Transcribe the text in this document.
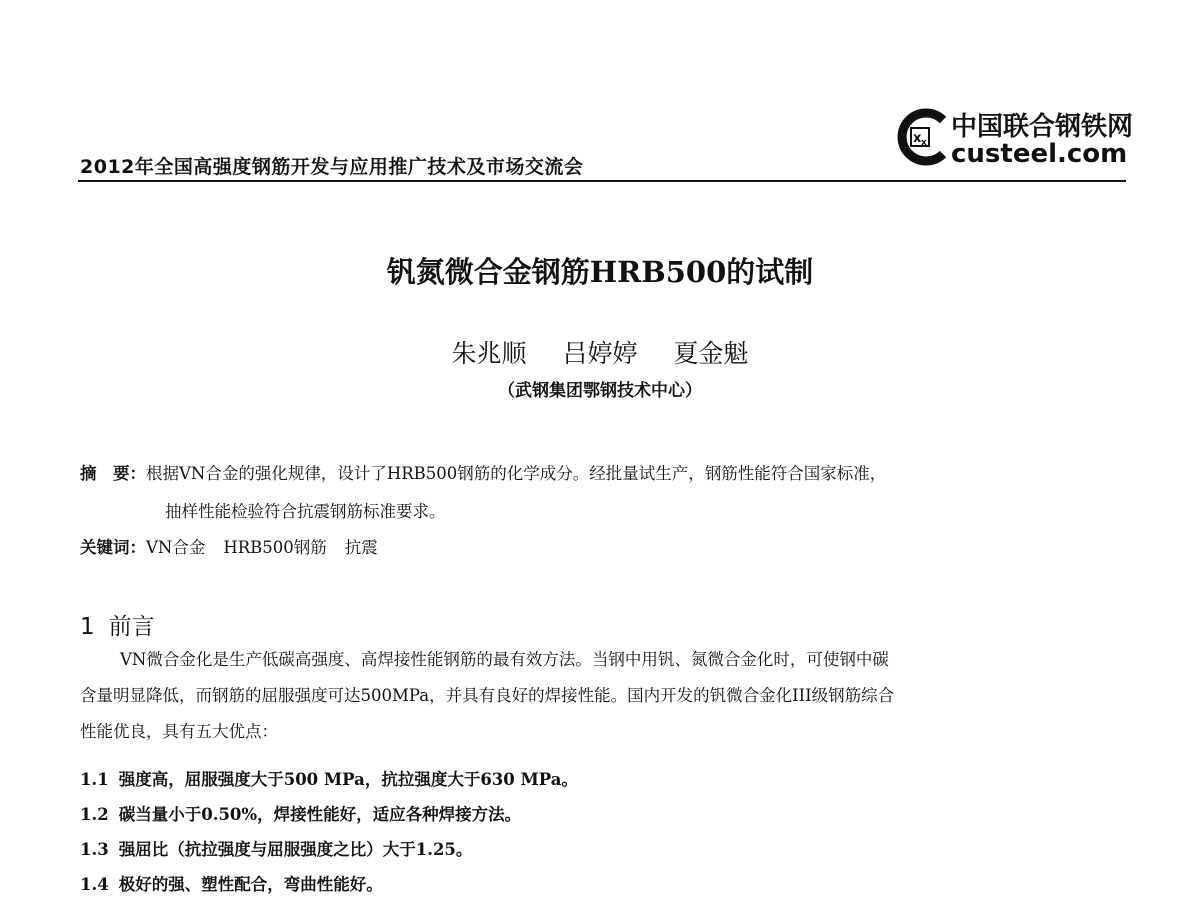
2012年全国高强度钢筋开发与应用推广技术及市场交流会
x x
中国联合钢铁网
custeel.com
钒氮微合金钢筋HRB500的试制
朱兆顺 吕婷婷 夏金魁
（武钢集团鄂钢技术中心）
摘　要：根据VN合金的强化规律，设计了HRB500钢筋的化学成分。经批量试生产，钢筋性能符合国家标准，
抽样性能检验符合抗震钢筋标准要求。
关键词：VN合金 HRB500钢筋 抗震
1 前言
VN微合金化是生产低碳高强度、高焊接性能钢筋的最有效方法。当钢中用钒、氮微合金化时，可使钢中碳
含量明显降低，而钢筋的屈服强度可达500MPa，并具有良好的焊接性能。国内开发的钒微合金化III级钢筋综合
性能优良，具有五大优点：
1.1 强度高，屈服强度大于500 MPa，抗拉强度大于630 MPa。
1.2 碳当量小于0.50%，焊接性能好，适应各种焊接方法。
1.3 强屈比（抗拉强度与屈服强度之比）大于1.25。
1.4 极好的强、塑性配合，弯曲性能好。
